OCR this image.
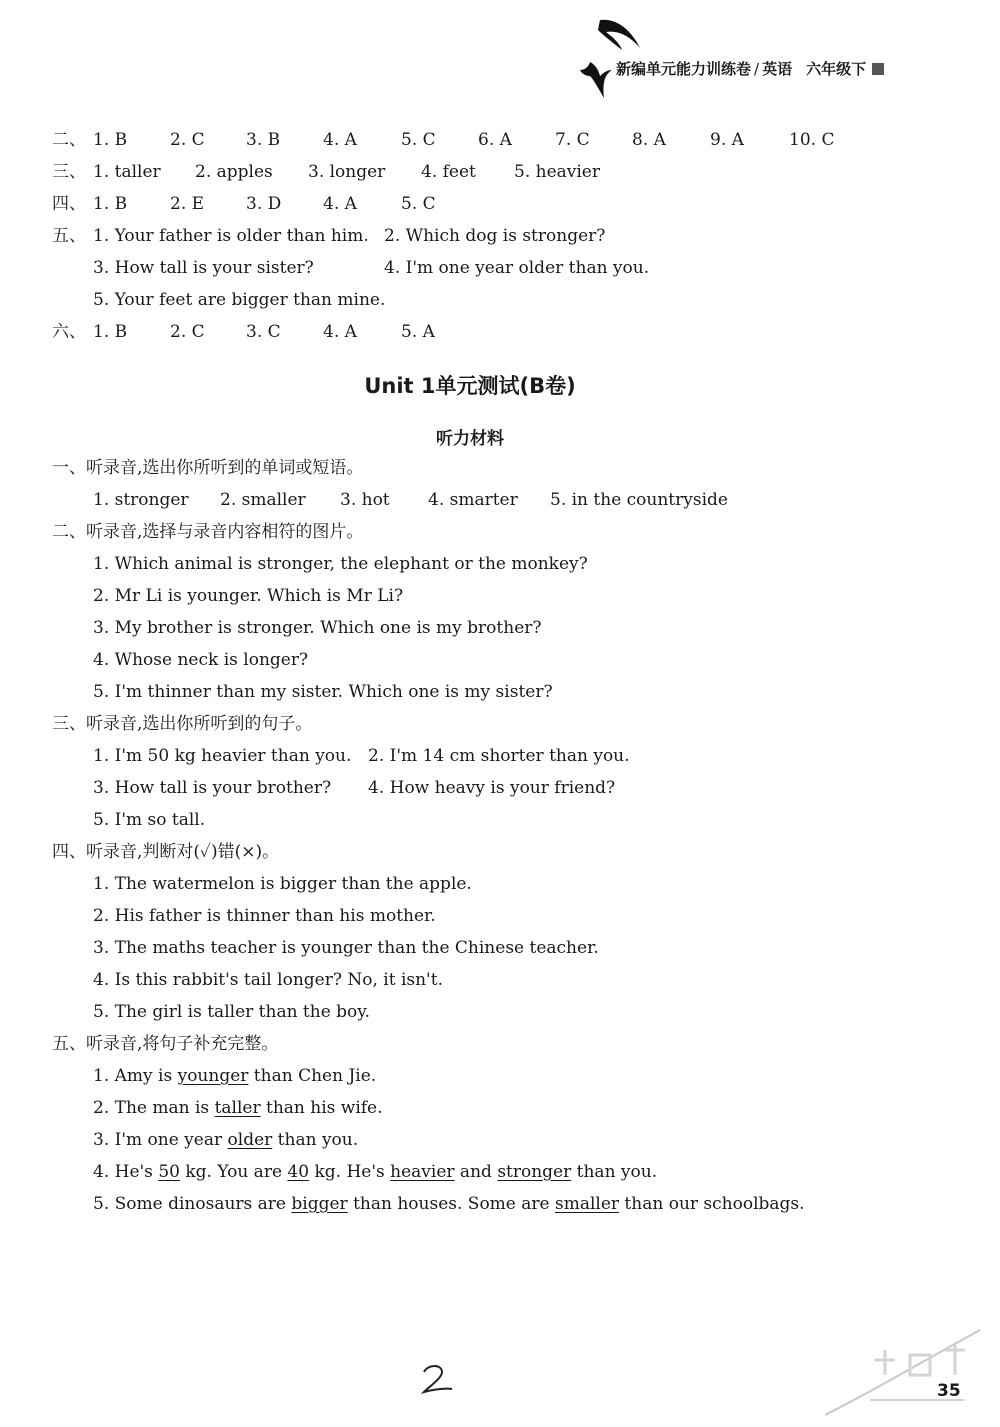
新编单元能力训练卷 / 英语 六年级下
二、 1. B	2. C 3. B	4. A	5. C 6. A	7. C 8. A	9. A	10. C
三、 1. taller 2. apples 3. longer 4. feet 5. heavier
四、 1. B	2. E 3. D 4. A	5. C
五、 1. Your father is older than him. 2. Which dog is stronger?
3. How tall is your sister?	4. I'm one year older than you.
5. Your feet are bigger than mine.
六、 1. B	2. C 3. C 4. A	5. A
Unit 1单元测试(B卷)
听力材料
一、听录音,选出你所听到的单词或短语。
1. stronger 2. smaller 3. hot 4. smarter 5. in the countryside
二、听录音,选择与录音内容相符的图片。
1. Which animal is stronger, the elephant or the monkey?
2. Mr Li is younger. Which is Mr Li?
3. My brother is stronger. Which one is my brother?
4. Whose neck is longer?
5. I'm thinner than my sister. Which one is my sister?
三、听录音,选出你所听到的句子。
1. I'm 50 kg heavier than you. 2. I'm 14 cm shorter than you.
3. How tall is your brother? 4. How heavy is your friend?
5. I'm so tall.
四、听录音,判断对(✓)错(×)。
1. The watermelon is bigger than the apple.
2. His father is thinner than his mother.
3. The maths teacher is younger than the Chinese teacher.
4. Is this rabbit's tail longer? No, it isn't.
5. The girl is taller than the boy.
五、听录音,将句子补充完整。
1. Amy is younger than Chen Jie.
2. The man is taller than his wife.
3. I'm one year older than you.
4. He's 50 kg. You are 40 kg. He's heavier and stronger than you.
5. Some dinosaurs are bigger than houses. Some are smaller than our schoolbags.
35
